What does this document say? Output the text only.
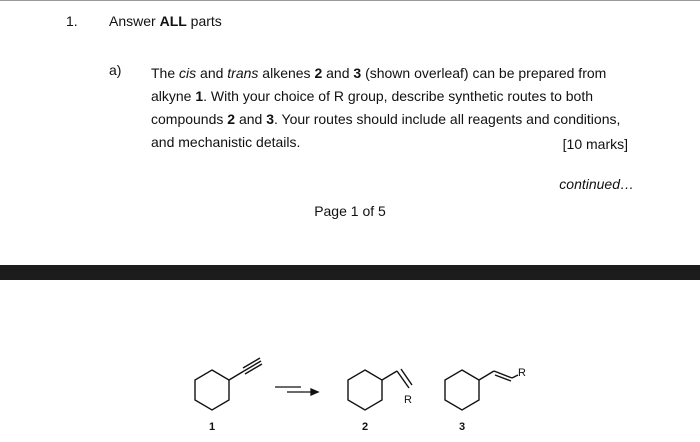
1. Answer ALL parts
a) The cis and trans alkenes 2 and 3 (shown overleaf) can be prepared from alkyne 1. With your choice of R group, describe synthetic routes to both compounds 2 and 3. Your routes should include all reagents and conditions, and mechanistic details.	[10 marks]
continued…
Page 1 of 5
R
R
1	2	3
